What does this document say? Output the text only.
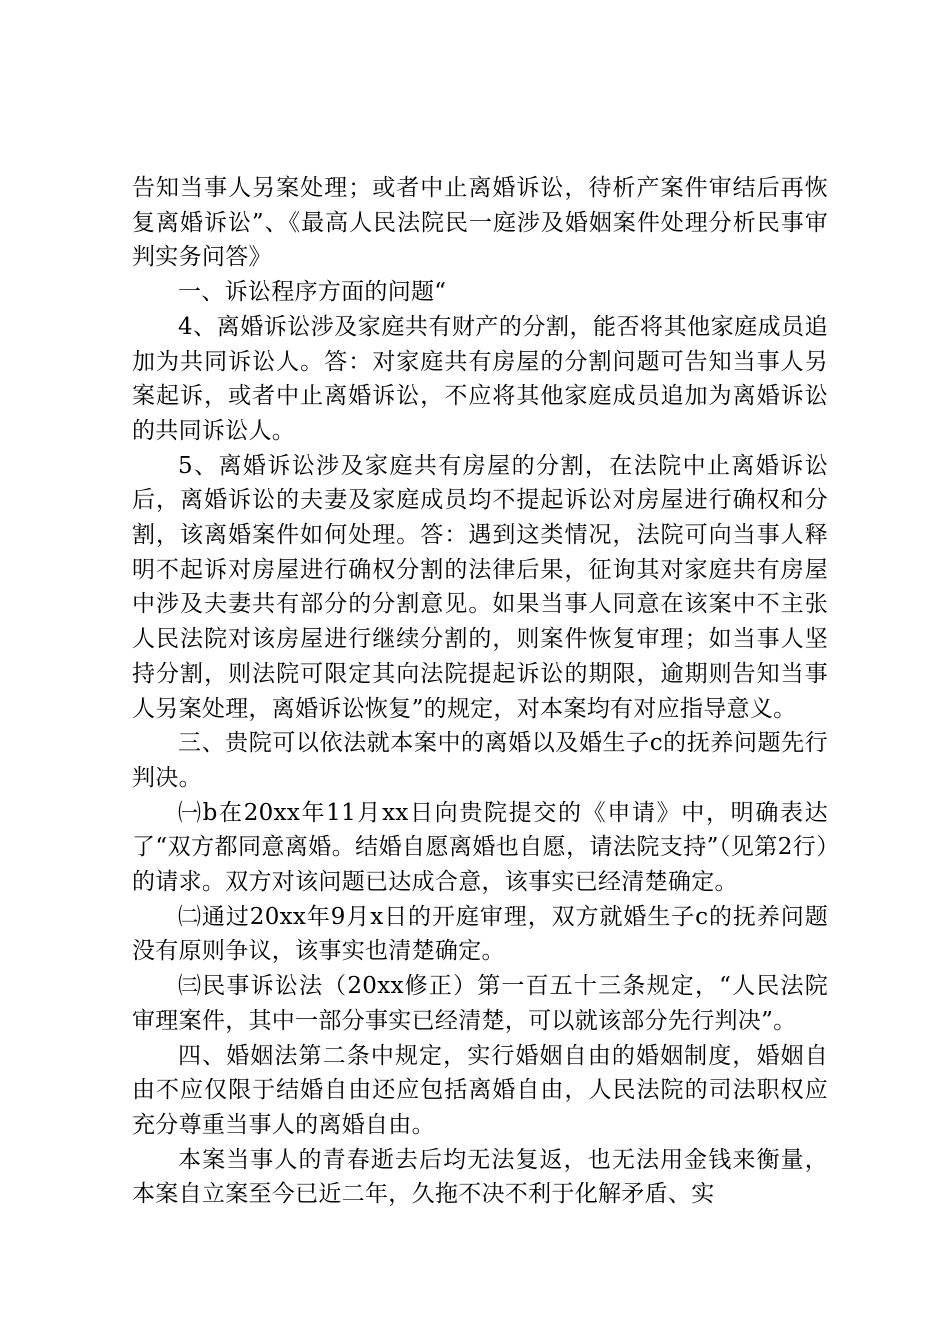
告知当事人另案处理；或者中止离婚诉讼，待析产案件审结后再恢复离婚诉讼”、《最高人民法院民一庭涉及婚姻案件处理分析民事审判实务问答》

一、诉讼程序方面的问题“

4、离婚诉讼涉及家庭共有财产的分割，能否将其他家庭成员追加为共同诉讼人。答：对家庭共有房屋的分割问题可告知当事人另案起诉，或者中止离婚诉讼，不应将其他家庭成员追加为离婚诉讼的共同诉讼人。

5、离婚诉讼涉及家庭共有房屋的分割，在法院中止离婚诉讼后，离婚诉讼的夫妻及家庭成员均不提起诉讼对房屋进行确权和分割，该离婚案件如何处理。答：遇到这类情况，法院可向当事人释明不起诉对房屋进行确权分割的法律后果，征询其对家庭共有房屋中涉及夫妻共有部分的分割意见。如果当事人同意在该案中不主张人民法院对该房屋进行继续分割的，则案件恢复审理；如当事人坚持分割，则法院可限定其向法院提起诉讼的期限，逾期则告知当事人另案处理，离婚诉讼恢复”的规定，对本案均有对应指导意义。

三、贵院可以依法就本案中的离婚以及婚生子c的抚养问题先行判决。

㈠b在20xx年11月xx日向贵院提交的《申请》中，明确表达了“双方都同意离婚。结婚自愿离婚也自愿，请法院支持”（见第2行）的请求。双方对该问题已达成合意，该事实已经清楚确定。

㈡通过20xx年9月x日的开庭审理，双方就婚生子c的抚养问题没有原则争议，该事实也清楚确定。

㈢民事诉讼法（20xx修正）第一百五十三条规定，“人民法院审理案件，其中一部分事实已经清楚，可以就该部分先行判决”。

四、婚姻法第二条中规定，实行婚姻自由的婚姻制度，婚姻自由不应仅限于结婚自由还应包括离婚自由，人民法院的司法职权应充分尊重当事人的离婚自由。

本案当事人的青春逝去后均无法复返，也无法用金钱来衡量，本案自立案至今已近二年，久拖不决不利于化解矛盾、实
